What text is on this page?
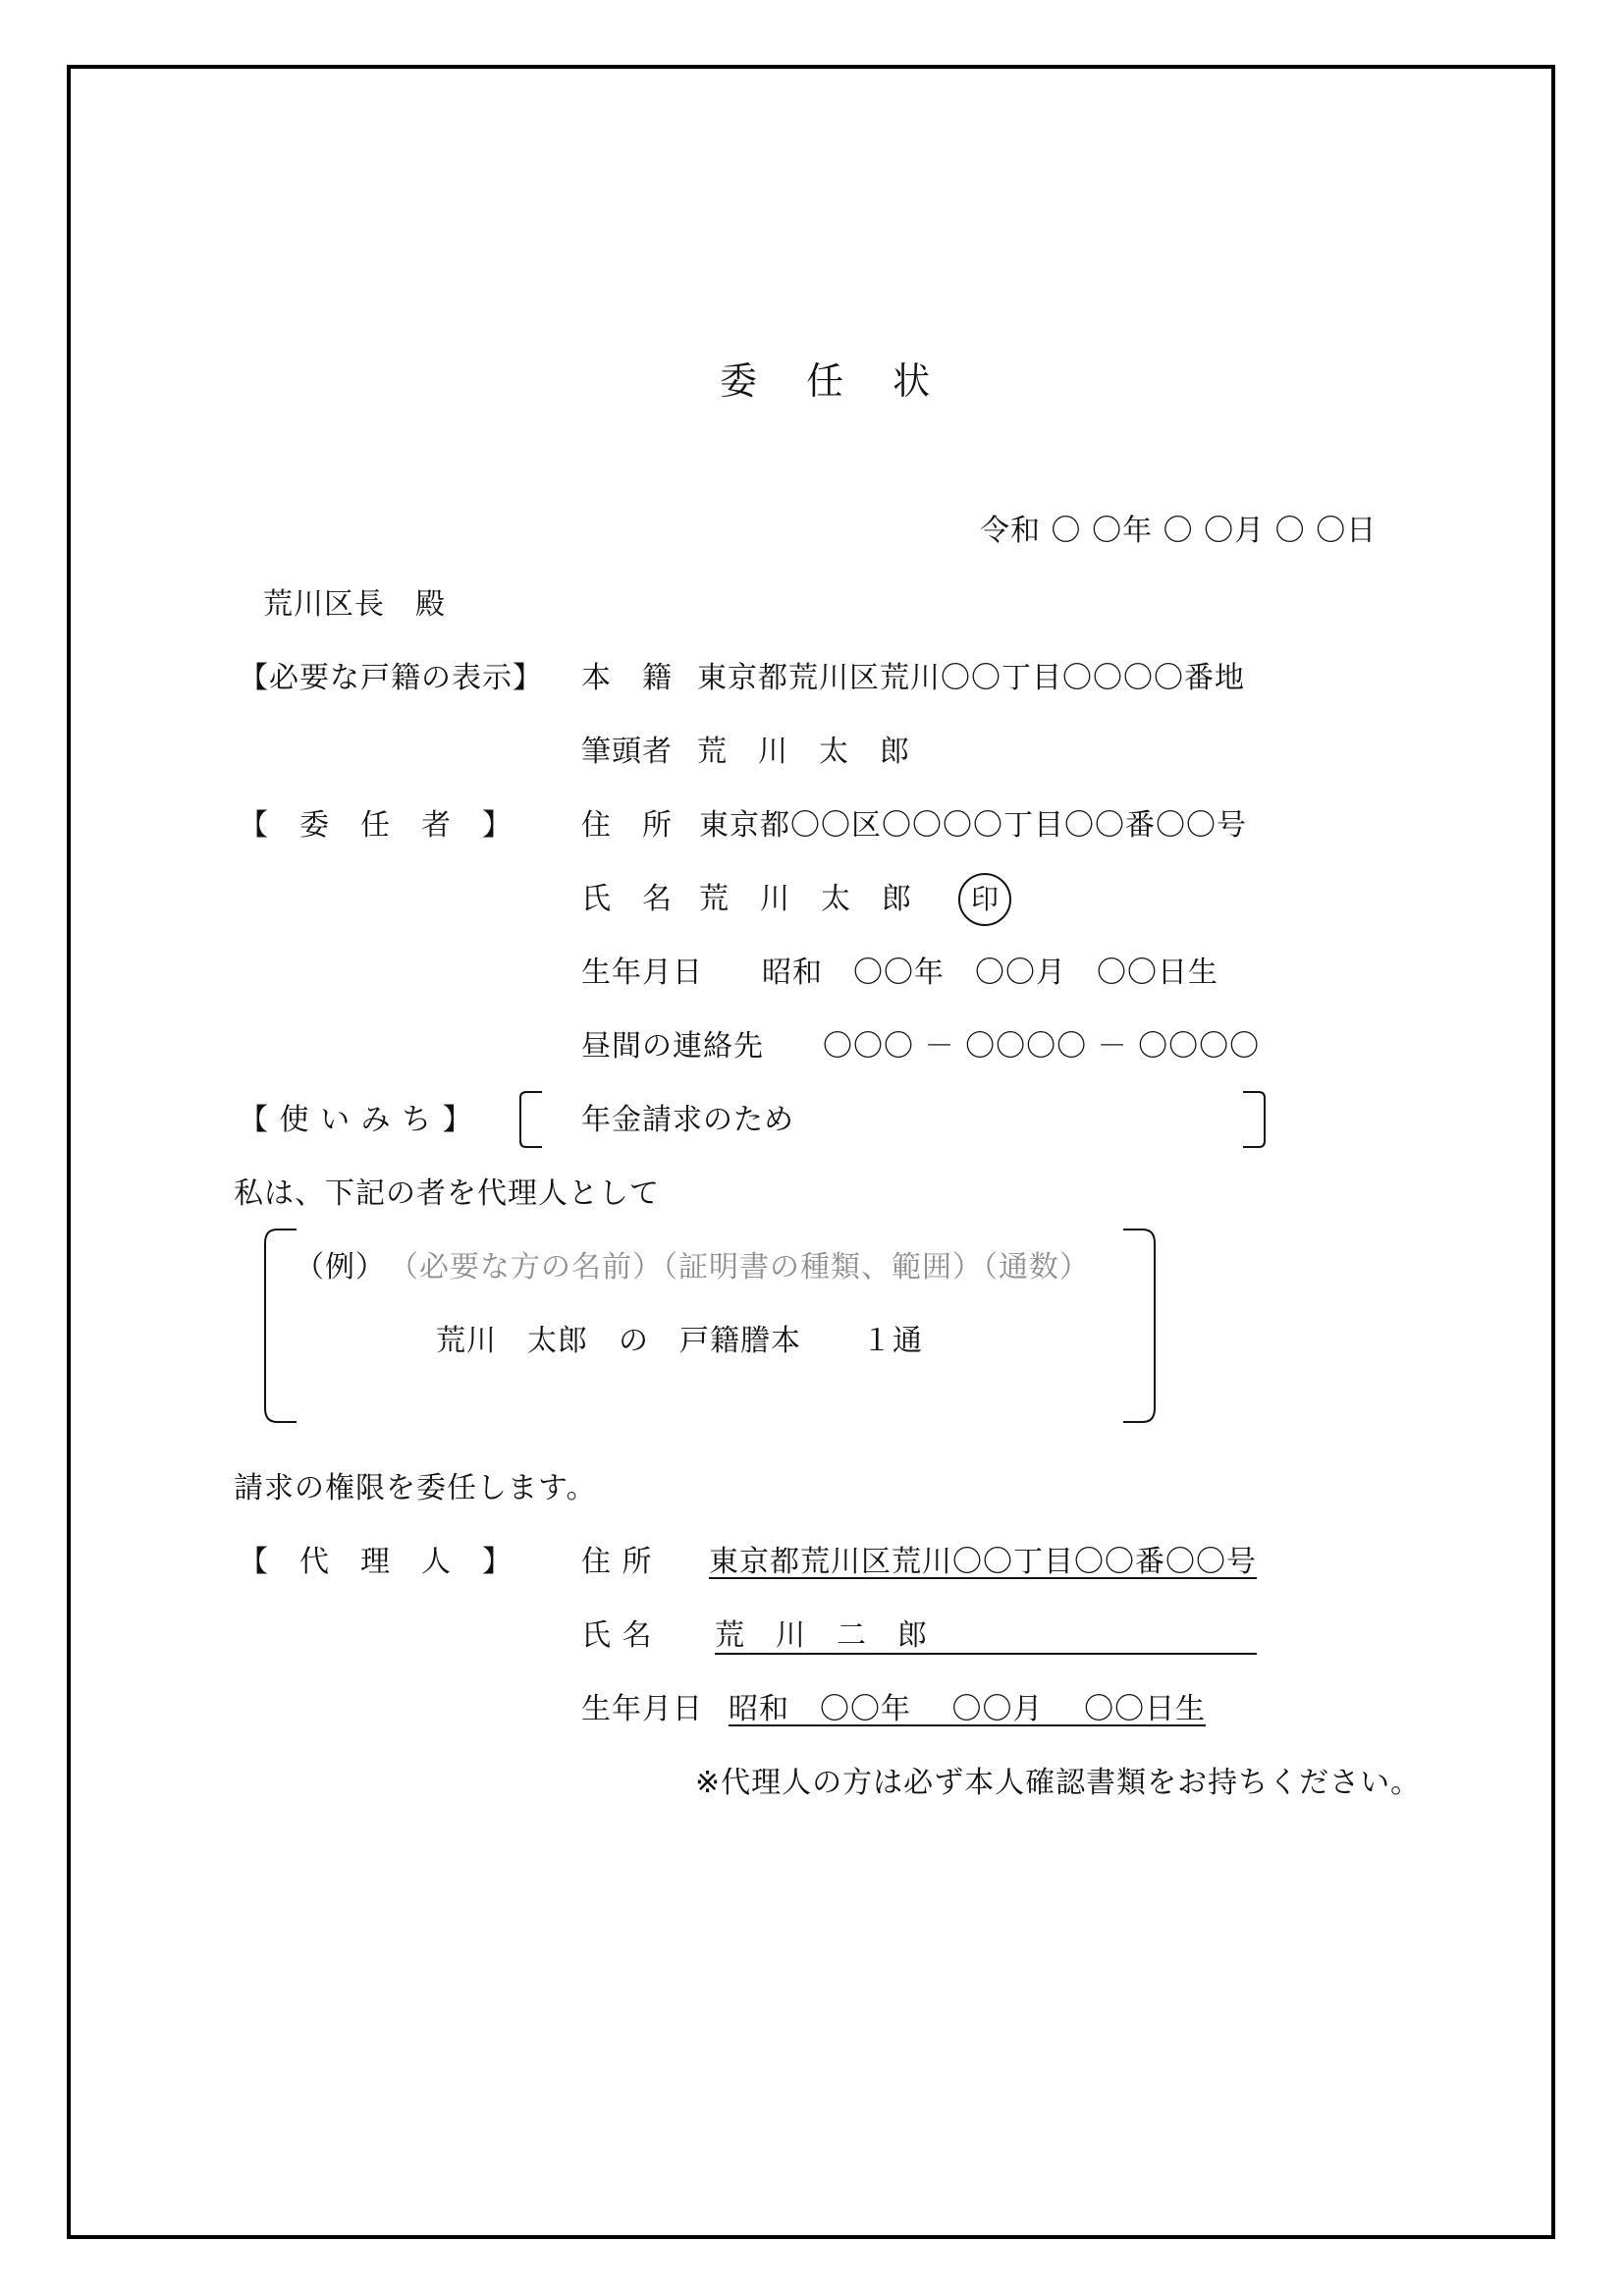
委 任 状
令和 〇 〇年 〇 〇月 〇 〇日
荒川区長　殿
【必要な戸籍の表示】 本　籍 東京都荒川区荒川〇〇丁目〇〇〇〇番地
筆頭者 荒　川　太　郎
【　委　任　者　】 住　所 東京都〇〇区〇〇〇〇丁目〇〇番〇〇号
氏　名 荒　川　太　郎	印
生年月日 昭和　〇〇年　〇〇月　〇〇日生
昼間の連絡先 〇〇〇 － 〇〇〇〇 － 〇〇〇〇
【 使 い み ち 】	年金請求のため
私は、下記の者を代理人として
（例） （必要な方の名前）（証明書の種類、範囲）（通数）
荒川　太郎　の　戸籍謄本　　１通
請求の権限を委任します。
【　代　理　人　】 住 所 東京都荒川区荒川〇〇丁目〇〇番〇〇号
氏 名 荒　川　二　郎
生年月日 昭和　〇〇年　 〇〇月　 〇〇日生
※代理人の方は必ず本人確認書類をお持ちください。
